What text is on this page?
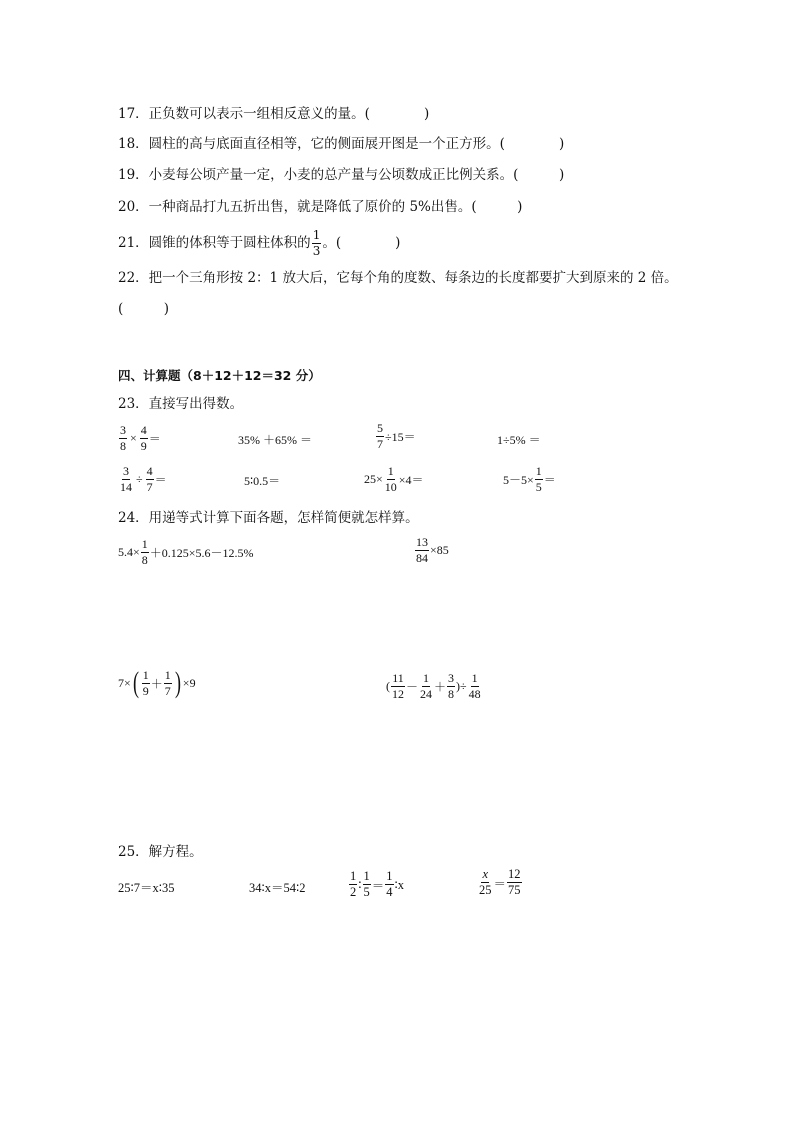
17．正负数可以表示一组相反意义的量。(　　　　)
18．圆柱的高与底面直径相等，它的侧面展开图是一个正方形。(　　　　)
19．小麦每公顷产量一定，小麦的总产量与公顷数成正比例关系。(　　　)
20．一种商品打九五折出售，就是降低了原价的 5%出售。(　　　)
21．圆锥的体积等于圆柱体积的 $\frac{1}{3}$ 。(　　　　)
22．把一个三角形按 2：1 放大后，它每个角的度数、每条边的长度都要扩大到原来的 2 倍。
(　　　)
四、计算题（8＋12＋12＝32 分）
23．直接写出得数。
$\frac{3}{8} \times \frac{4}{9}$ ＝	35% ＋65% ＝	$\frac{5}{7} \div 15=$	1÷5% ＝
$\frac{3}{14} \div \frac{4}{7}$ ＝	5∶0.5＝	$25\times \frac{1}{10} \times 4=$	$5-5\times \frac{1}{5}$ ＝
24．用递等式计算下面各题，怎样简便就怎样算。
$5.4\times \frac{1}{8} +0.125\times 5.6-12.5\%$	$\frac{13}{84} \times 85$
7× ( $\frac{1}{9} + \frac{1}{7}$ ) ×9	( $\frac{11}{12} - \frac{1}{24} + \frac{3}{8}$ )÷ $\frac{1}{48}$
25．解方程。
25∶7＝x∶35	34∶x＝54∶2	$\frac{1}{2}$ ∶ $\frac{1}{5} = \frac{1}{4}$ ∶x	$\frac{x}{25} = \frac{12}{75}$
